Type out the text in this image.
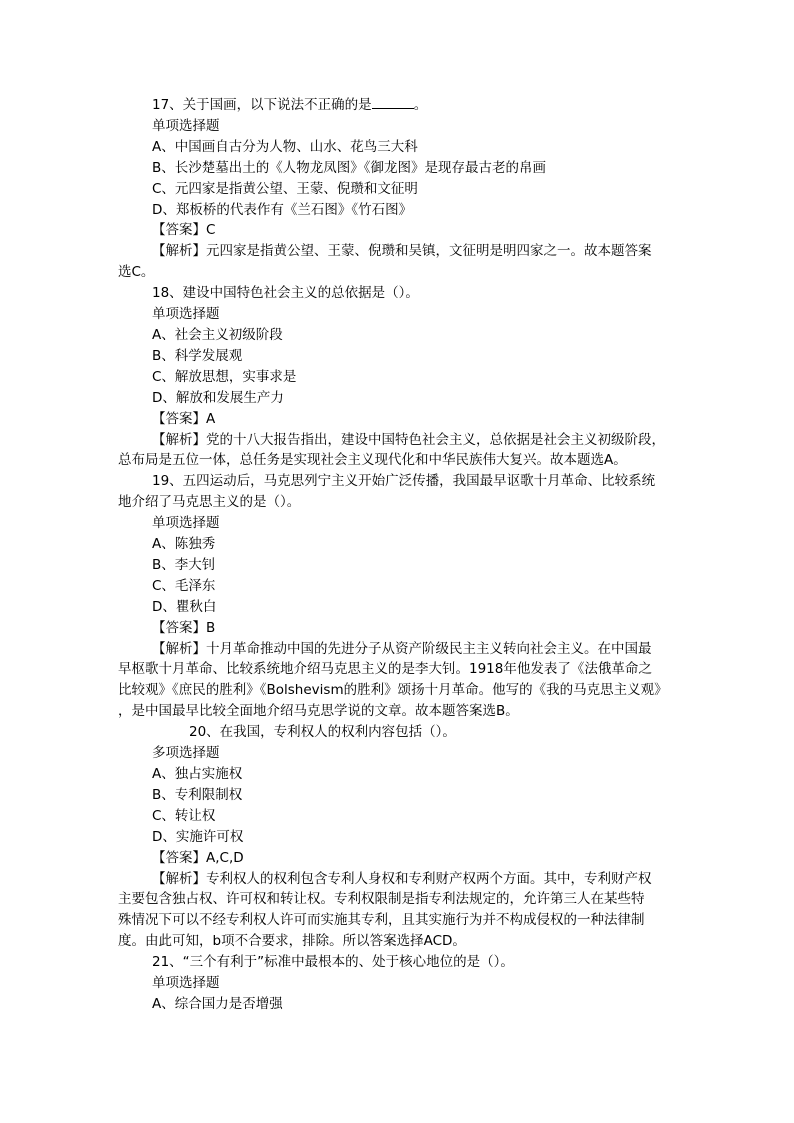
17、关于国画，以下说法不正确的是	。
单项选择题
A、中国画自古分为人物、山水、花鸟三大科
B、长沙楚墓出土的《人物龙凤图》《御龙图》是现存最古老的帛画
C、元四家是指黄公望、王蒙、倪瓒和文征明
D、郑板桥的代表作有《兰石图》《竹石图》
【答案】C
【解析】元四家是指黄公望、王蒙、倪瓒和吴镇，文征明是明四家之一。故本题答案
选C。
18、建设中国特色社会主义的总依据是（）。
单项选择题
A、社会主义初级阶段
B、科学发展观
C、解放思想，实事求是
D、解放和发展生产力
【答案】A
【解析】党的十八大报告指出，建设中国特色社会主义，总依据是社会主义初级阶段，
总布局是五位一体，总任务是实现社会主义现代化和中华民族伟大复兴。故本题选A。
19、五四运动后，马克思列宁主义开始广泛传播，我国最早讴歌十月革命、比较系统
地介绍了马克思主义的是（）。
单项选择题
A、陈独秀
B、李大钊
C、毛泽东
D、瞿秋白
【答案】B
【解析】十月革命推动中国的先进分子从资产阶级民主主义转向社会主义。在中国最
早枢歌十月革命、比较系统地介绍马克思主义的是李大钊。1918年他发表了《法俄革命之
比较观》《庶民的胜利》《Bolshevism的胜利》颂扬十月革命。他写的《我的马克思主义观》
，是中国最早比较全面地介绍马克思学说的文章。故本题答案选B。
20、在我国，专利权人的权利内容包括（）。
多项选择题
A、独占实施权
B、专利限制权
C、转让权
D、实施许可权
【答案】A,C,D
【解析】专利权人的权利包含专利人身权和专利财产权两个方面。其中，专利财产权
主要包含独占权、许可权和转让权。专利权限制是指专利法规定的，允许第三人在某些特
殊情况下可以不经专利权人许可而实施其专利，且其实施行为并不构成侵权的一种法律制
度。由此可知，b项不合要求，排除。所以答案选择ACD。
21、“三个有利于”标准中最根本的、处于核心地位的是（）。
单项选择题
A、综合国力是否增强
